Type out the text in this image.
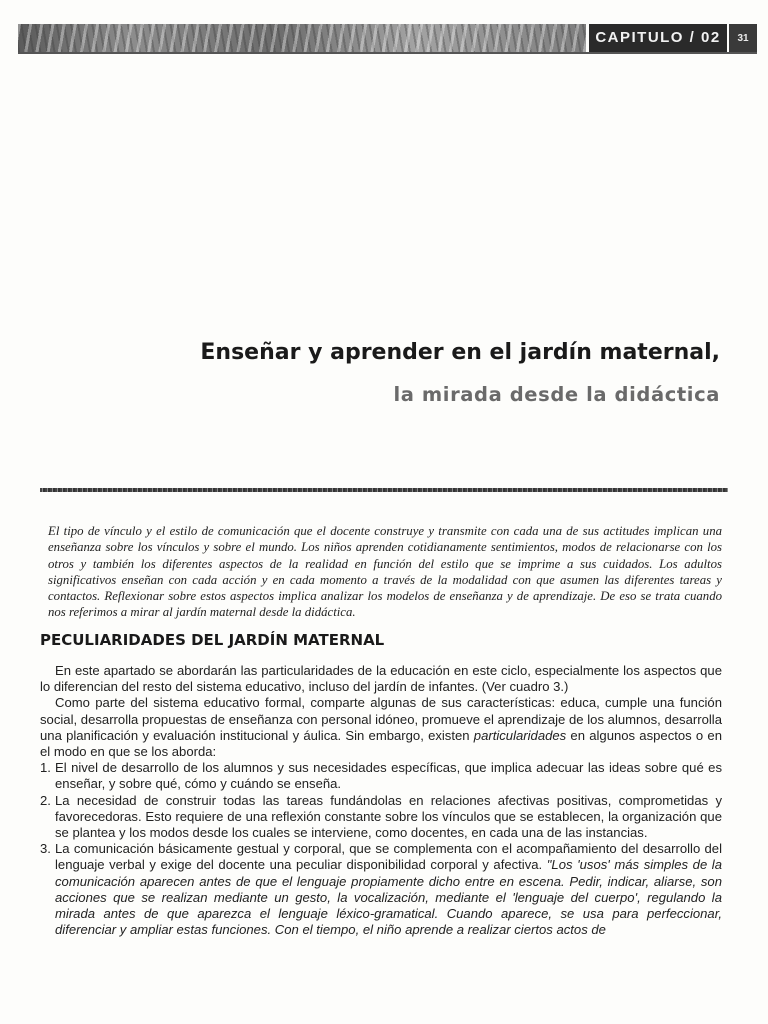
CAPITULO / 02	31
Enseñar y aprender en el jardín maternal,
la mirada desde la didáctica

El tipo de vínculo y el estilo de comunicación que el docente construye y transmite con cada una de sus actitudes implican una enseñanza sobre los vínculos y sobre el mundo. Los niños aprenden cotidianamente sentimientos, modos de relacionarse con los otros y también los diferentes aspectos de la realidad en función del estilo que se imprime a sus cuidados. Los adultos significativos enseñan con cada acción y en cada momento a través de la modalidad con que asumen las diferentes tareas y contactos. Reflexionar sobre estos aspectos implica analizar los modelos de enseñanza y de aprendizaje. De eso se trata cuando nos referimos a mirar al jardín maternal desde la didáctica.

PECULIARIDADES DEL JARDÍN MATERNAL

En este apartado se abordarán las particularidades de la educación en este ciclo, especialmente los aspectos que lo diferencian del resto del sistema educativo, incluso del jardín de infantes. (Ver cuadro 3.)

Como parte del sistema educativo formal, comparte algunas de sus características: educa, cumple una función social, desarrolla propuestas de enseñanza con personal idóneo, promueve el aprendizaje de los alumnos, desarrolla una planificación y evaluación institucional y áulica. Sin embargo, existen particularidades en algunos aspectos o en el modo en que se los aborda:

1. El nivel de desarrollo de los alumnos y sus necesidades específicas, que implica adecuar las ideas sobre qué es enseñar, y sobre qué, cómo y cuándo se enseña.
2. La necesidad de construir todas las tareas fundándolas en relaciones afectivas positivas, comprometidas y favorecedoras. Esto requiere de una reflexión constante sobre los vínculos que se establecen, la organización que se plantea y los modos desde los cuales se interviene, como docentes, en cada una de las instancias.
3. La comunicación básicamente gestual y corporal, que se complementa con el acompañamiento del desarrollo del lenguaje verbal y exige del docente una peculiar disponibilidad corporal y afectiva. "Los 'usos' más simples de la comunicación aparecen antes de que el lenguaje propiamente dicho entre en escena. Pedir, indicar, aliarse, son acciones que se realizan mediante un gesto, la vocalización, mediante el 'lenguaje del cuerpo', regulando la mirada antes de que aparezca el lenguaje léxico-gramatical. Cuando aparece, se usa para perfeccionar, diferenciar y ampliar estas funciones. Con el tiempo, el niño aprende a realizar ciertos actos de
